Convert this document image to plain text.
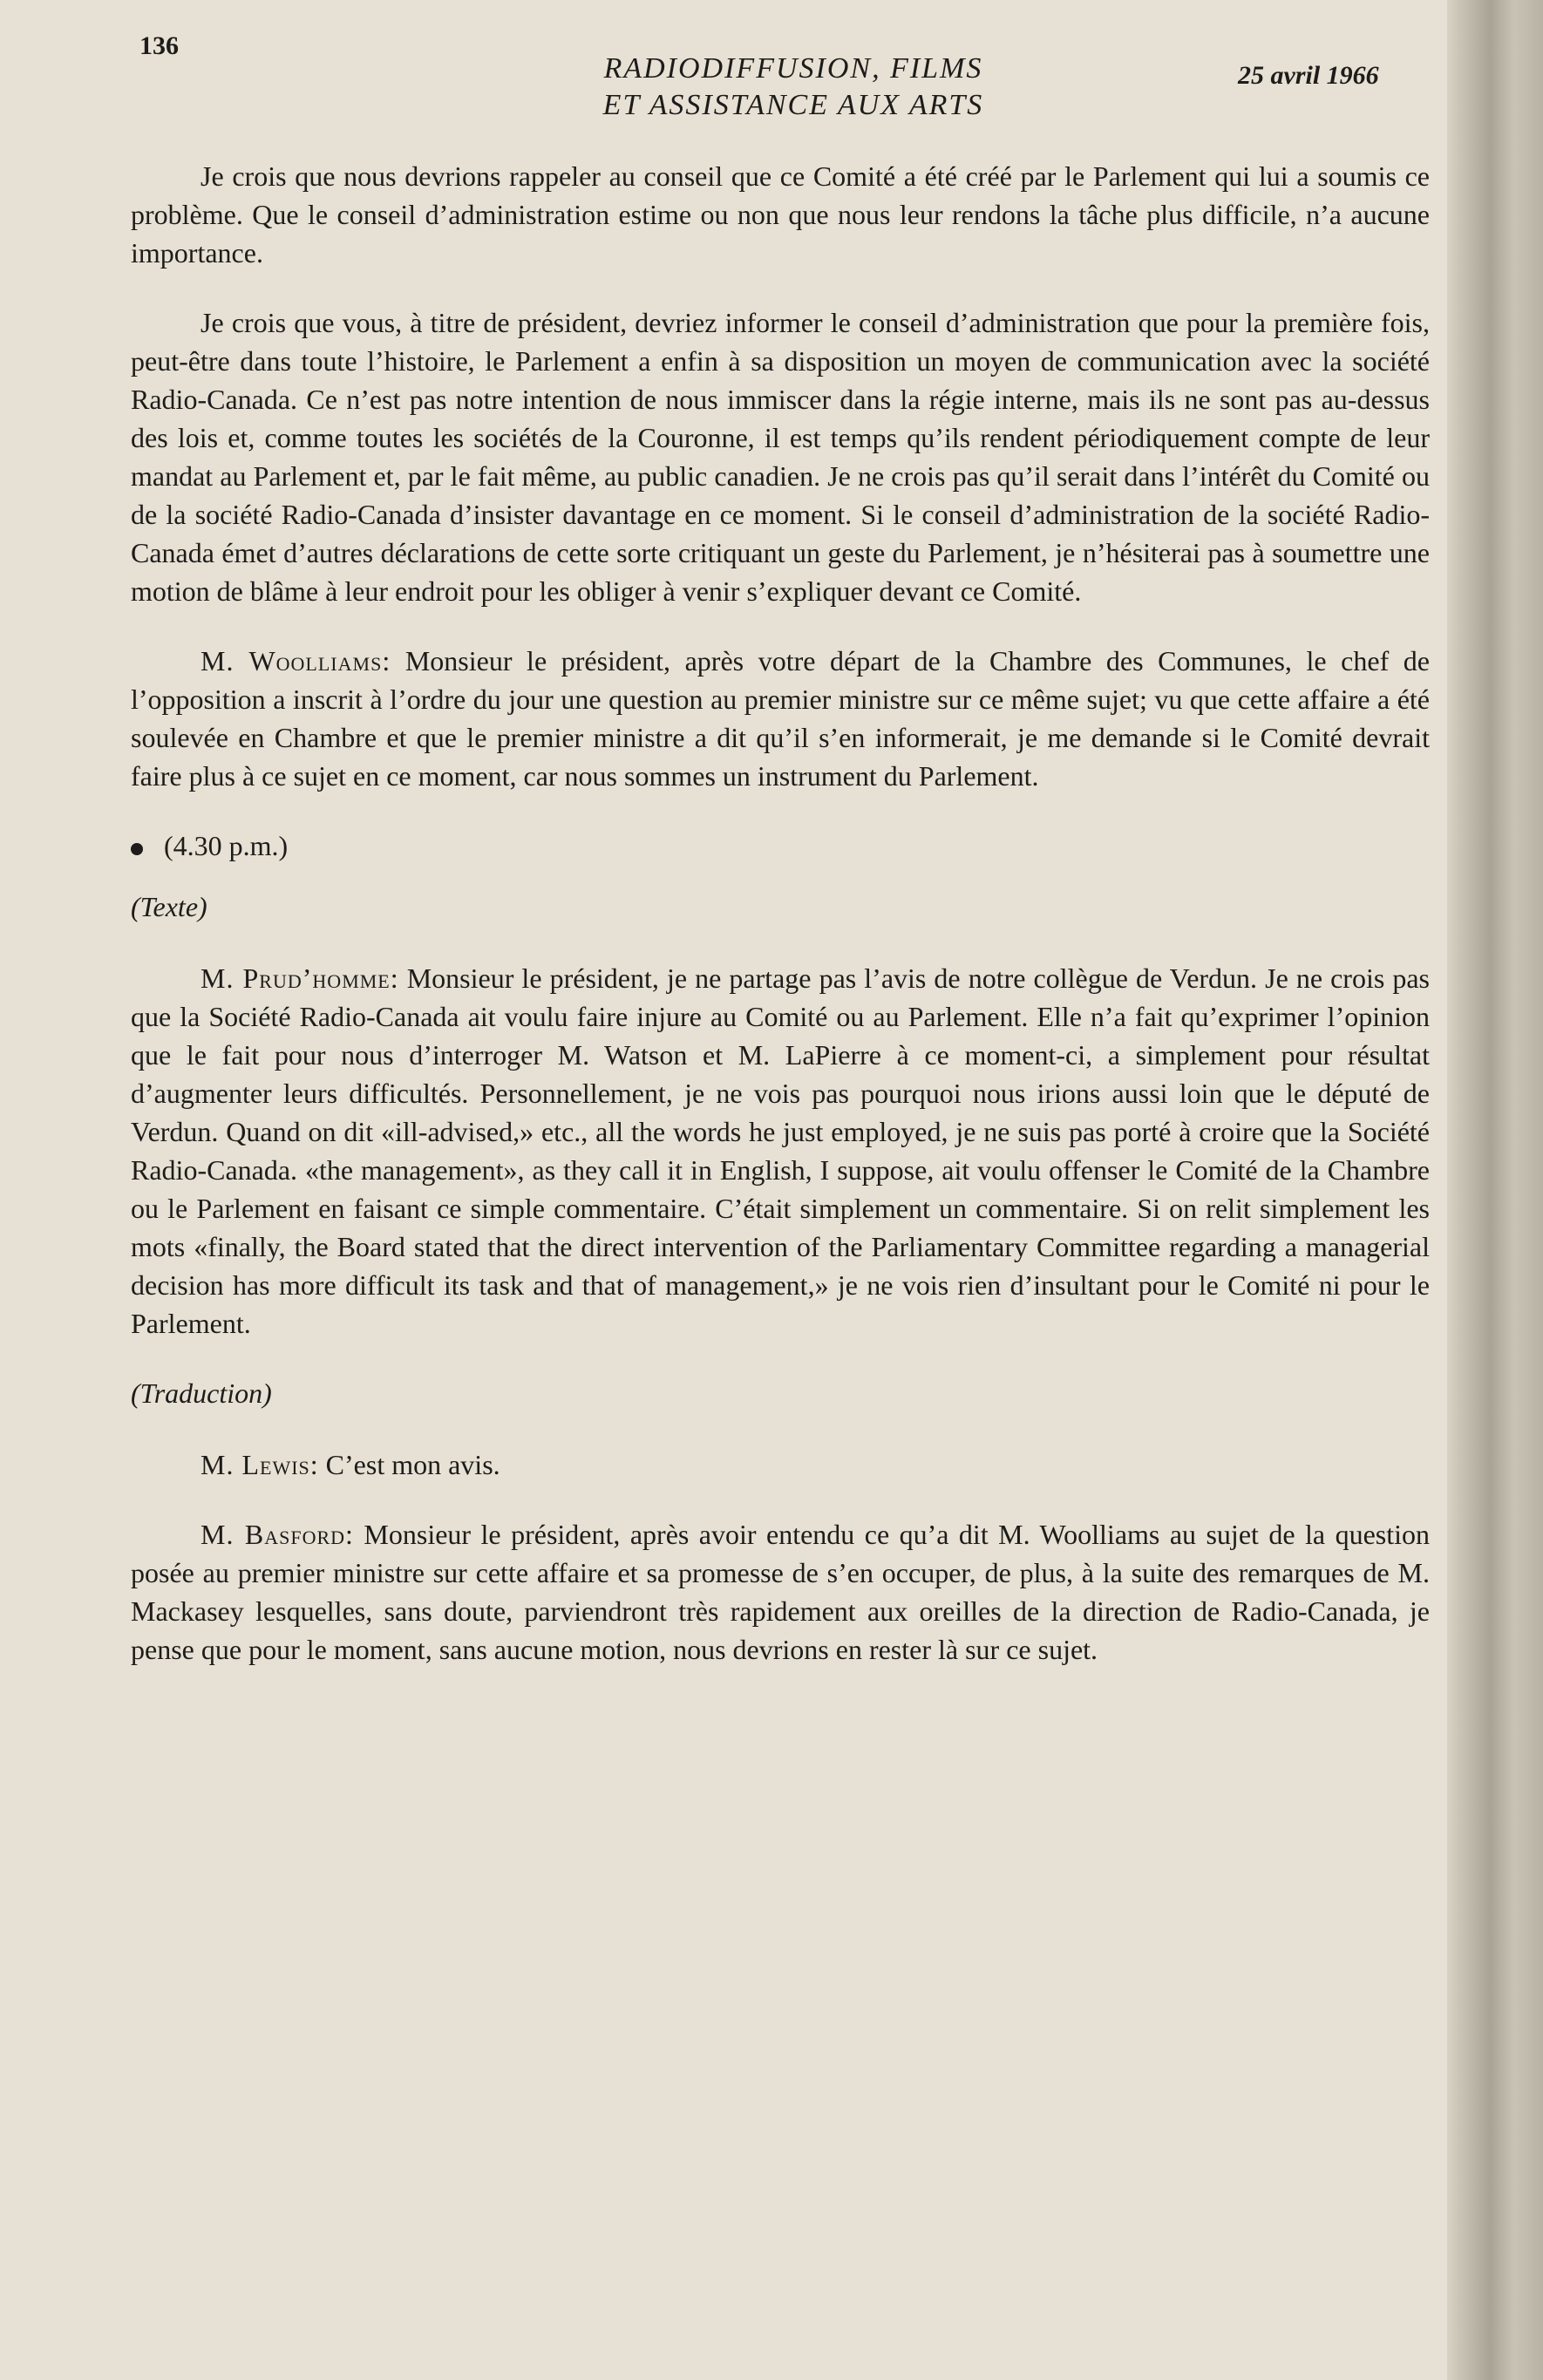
136
RADIODIFFUSION, FILMS
ET ASSISTANCE AUX ARTS
25 avril 1966

Je crois que nous devrions rappeler au conseil que ce Comité a été créé par le Parlement qui lui a soumis ce problème. Que le conseil d’administration estime ou non que nous leur rendons la tâche plus difficile, n’a aucune importance.

Je crois que vous, à titre de président, devriez informer le conseil d’administration que pour la première fois, peut-être dans toute l’histoire, le Parlement a enfin à sa disposition un moyen de communication avec la société Radio-Canada. Ce n’est pas notre intention de nous immiscer dans la régie interne, mais ils ne sont pas au-dessus des lois et, comme toutes les sociétés de la Couronne, il est temps qu’ils rendent périodiquement compte de leur mandat au Parlement et, par le fait même, au public canadien. Je ne crois pas qu’il serait dans l’intérêt du Comité ou de la société Radio-Canada d’insister davantage en ce moment. Si le conseil d’administration de la société Radio-Canada émet d’autres déclarations de cette sorte critiquant un geste du Parlement, je n’hésiterai pas à soumettre une motion de blâme à leur endroit pour les obliger à venir s’expliquer devant ce Comité.

M. Woolliams: Monsieur le président, après votre départ de la Chambre des Communes, le chef de l’opposition a inscrit à l’ordre du jour une question au premier ministre sur ce même sujet; vu que cette affaire a été soulevée en Chambre et que le premier ministre a dit qu’il s’en informerait, je me demande si le Comité devrait faire plus à ce sujet en ce moment, car nous sommes un instrument du Parlement.

(4.30 p.m.)

(Texte)

M. Prud’homme: Monsieur le président, je ne partage pas l’avis de notre collègue de Verdun. Je ne crois pas que la Société Radio-Canada ait voulu faire injure au Comité ou au Parlement. Elle n’a fait qu’exprimer l’opinion que le fait pour nous d’interroger M. Watson et M. LaPierre à ce moment-ci, a simplement pour résultat d’augmenter leurs difficultés. Personnellement, je ne vois pas pourquoi nous irions aussi loin que le député de Verdun. Quand on dit «ill-advised,» etc., all the words he just employed, je ne suis pas porté à croire que la Société Radio-Canada. «the management», as they call it in English, I suppose, ait voulu offenser le Comité de la Chambre ou le Parlement en faisant ce simple commentaire. C’était simplement un commentaire. Si on relit simplement les mots «finally, the Board stated that the direct intervention of the Parliamentary Committee regarding a managerial decision has more difficult its task and that of management,» je ne vois rien d’insultant pour le Comité ni pour le Parlement.

(Traduction)

M. Lewis: C’est mon avis.

M. Basford: Monsieur le président, après avoir entendu ce qu’a dit M. Woolliams au sujet de la question posée au premier ministre sur cette affaire et sa promesse de s’en occuper, de plus, à la suite des remarques de M. Mackasey lesquelles, sans doute, parviendront très rapidement aux oreilles de la direction de Radio-Canada, je pense que pour le moment, sans aucune motion, nous devrions en rester là sur ce sujet.
